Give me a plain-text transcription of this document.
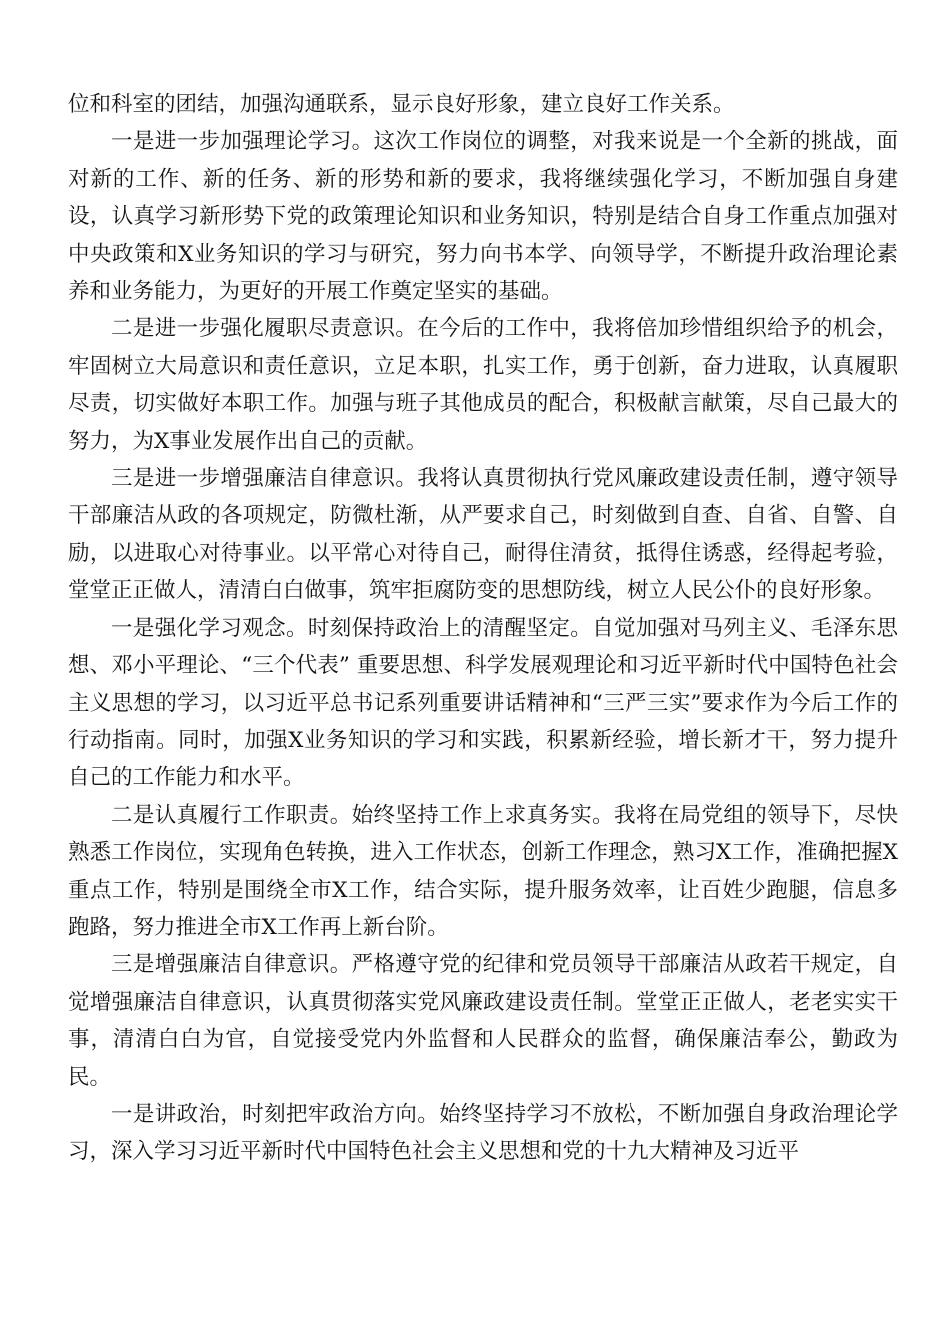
位和科室的团结，加强沟通联系，显示良好形象，建立良好工作关系。

一是进一步加强理论学习。这次工作岗位的调整，对我来说是一个全新的挑战，面对新的工作、新的任务、新的形势和新的要求，我将继续强化学习，不断加强自身建设，认真学习新形势下党的政策理论知识和业务知识，特别是结合自身工作重点加强对中央政策和X业务知识的学习与研究，努力向书本学、向领导学，不断提升政治理论素养和业务能力，为更好的开展工作奠定坚实的基础。

二是进一步强化履职尽责意识。在今后的工作中，我将倍加珍惜组织给予的机会，牢固树立大局意识和责任意识，立足本职，扎实工作，勇于创新，奋力进取，认真履职尽责，切实做好本职工作。加强与班子其他成员的配合，积极献言献策，尽自己最大的努力，为X事业发展作出自己的贡献。

三是进一步增强廉洁自律意识。我将认真贯彻执行党风廉政建设责任制，遵守领导干部廉洁从政的各项规定，防微杜渐，从严要求自己，时刻做到自查、自省、自警、自励，以进取心对待事业。以平常心对待自己，耐得住清贫，抵得住诱惑，经得起考验，堂堂正正做人，清清白白做事，筑牢拒腐防变的思想防线，树立人民公仆的良好形象。

一是强化学习观念。时刻保持政治上的清醒坚定。自觉加强对马列主义、毛泽东思想、邓小平理论、“三个代表” 重要思想、科学发展观理论和习近平新时代中国特色社会主义思想的学习，以习近平总书记系列重要讲话精神和“三严三实”要求作为今后工作的行动指南。同时，加强X业务知识的学习和实践，积累新经验，增长新才干，努力提升自己的工作能力和水平。

二是认真履行工作职责。始终坚持工作上求真务实。我将在局党组的领导下，尽快熟悉工作岗位，实现角色转换，进入工作状态，创新工作理念，熟习X工作，准确把握X重点工作，特别是围绕全市X工作，结合实际，提升服务效率，让百姓少跑腿，信息多跑路，努力推进全市X工作再上新台阶。

三是增强廉洁自律意识。严格遵守党的纪律和党员领导干部廉洁从政若干规定，自觉增强廉洁自律意识，认真贯彻落实党风廉政建设责任制。堂堂正正做人，老老实实干事，清清白白为官，自觉接受党内外监督和人民群众的监督，确保廉洁奉公，勤政为民。

一是讲政治，时刻把牢政治方向。始终坚持学习不放松，不断加强自身政治理论学习，深入学习习近平新时代中国特色社会主义思想和党的十九大精神及习近平
